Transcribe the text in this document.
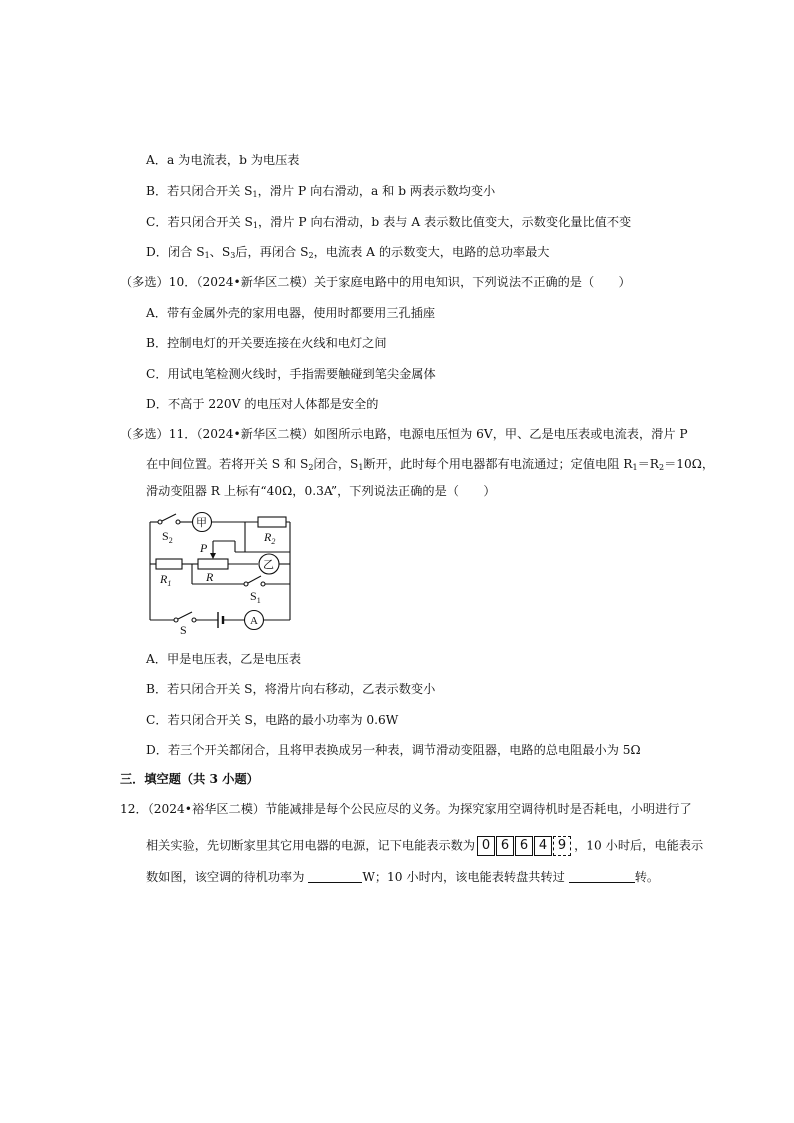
A．a 为电流表，b 为电压表
B．若只闭合开关 $S_1$，滑片 P 向右滑动，a 和 b 两表示数均变小
C．若只闭合开关 $S_1$，滑片 P 向右滑动，b 表与 A 表示数比值变大，示数变化量比值不变
D．闭合 $S_1$、$S_3$后，再闭合 $S_2$，电流表 A 的示数变大，电路的总功率最大
（多选）10．（2024•新华区二模）关于家庭电路中的用电知识，下列说法不正确的是（　　）
A．带有金属外壳的家用电器，使用时都要用三孔插座
B．控制电灯的开关要连接在火线和电灯之间
C．用试电笔检测火线时，手指需要触碰到笔尖金属体
D．不高于 220V 的电压对人体都是安全的
（多选）11．（2024•新华区二模）如图所示电路，电源电压恒为 6V，甲、乙是电压表或电流表，滑片 P
在中间位置。若将开关 S 和 $S_2$闭合，$S_1$断开，此时每个用电器都有电流通过；定值电阻 $R_1=R_2=10\Omega$，
滑动变阻器 R 上标有“40Ω，0.3A”，下列说法正确的是（　　）
$S_2$
甲
$R_2$
P
R
乙
$R_1$
$S_1$
S
A
A．甲是电压表，乙是电压表
B．若只闭合开关 S，将滑片向右移动，乙表示数变小
C．若只闭合开关 S，电路的最小功率为 0.6W
D．若三个开关都闭合，且将甲表换成另一种表，调节滑动变阻器，电路的总电阻最小为 5Ω
三．填空题（共 3 小题）
12．（2024•裕华区二模）节能减排是每个公民应尽的义务。为探究家用空调待机时是否耗电，小明进行了
相关实验，先切断家里其它用电器的电源，记下电能表示数为 0 6 6 4 9 ，10 小时后，电能表示
数如图，该空调的待机功率为	W；10 小时内，该电能表转盘共转过	转。
